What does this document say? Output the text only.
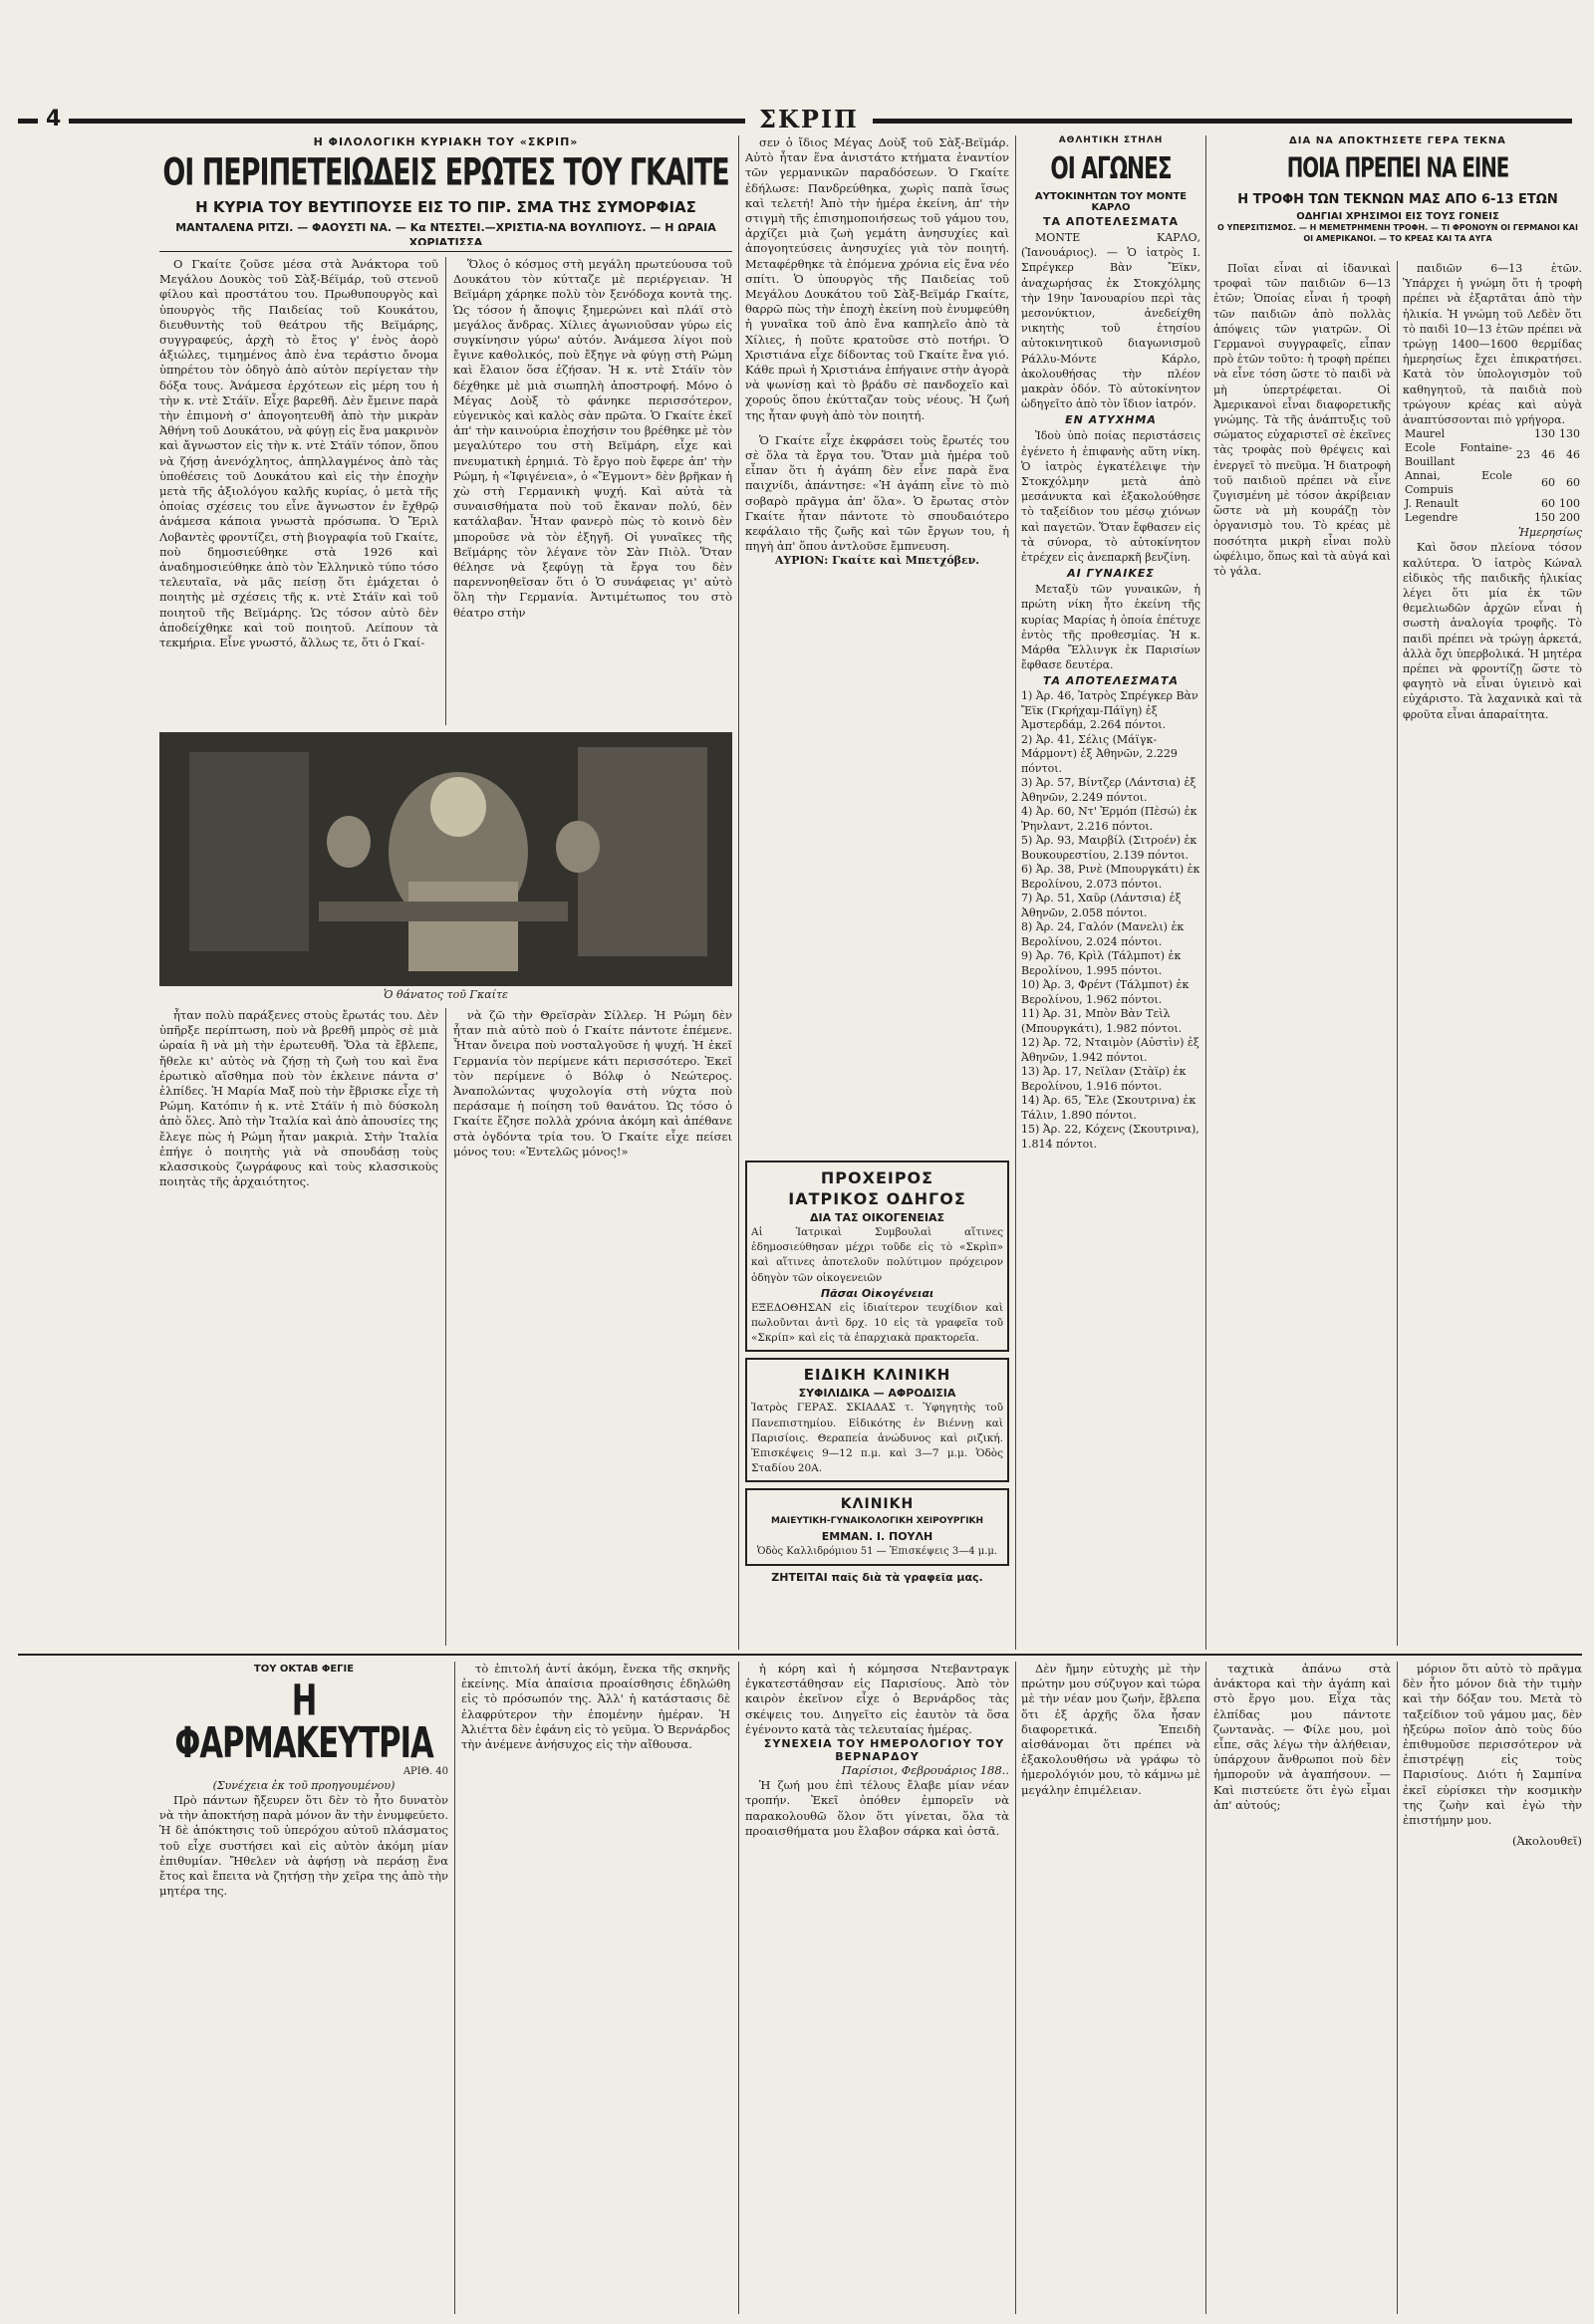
4	ΣΚΡΙΠ

Η ΦΙΛΟΛΟΓΙΚΗ ΚΥΡΙΑΚΗ ΤΟΥ «ΣΚΡΙΠ»

ΟΙ ΠΕΡΙΠΕΤΕΙΩΔΕΙΣ ΕΡΩΤΕΣ ΤΟΥ ΓΚΑΙΤΕ

Η ΚΥΡΙΑ ΤΟΥ ΒΕΥΤΙΠΟΥΣΕ ΕΙΣ ΤΟ ΠΙΡ. ΣΜΑ ΤΗΣ ΣΥΜΟΡΦΙΑΣ

ΜΑΝΤΑΛΕΝΑ ΡΙΤΖΙ. — ΦΑΟΥΣΤΙ ΝΑ. — Κα ΝΤΕΣΤΕΙ.—ΧΡΙΣΤΙΑ-ΝΑ ΒΟΥΛΠΙΟΥΣ. — Η ΩΡΑΙΑ ΧΩΡΙΑΤΙΣΣΑ

Ο Γκαίτε ζοῦσε μέσα στὰ Ἀνάκτορα τοῦ Μεγάλου Δουκὸς τοῦ Σὰξ-Βέϊμάρ, τοῦ στενοῦ φίλου καὶ προστάτου του. Πρωθυπουργὸς καὶ ὑπουργὸς τῆς Παιδείας τοῦ Κουκάτου, διευθυντὴς τοῦ θεάτρου τῆς Βεϊμάρης, συγγραφεύς, ἀρχὴ τὸ ἔτος γ' ἐνὸς ἀορὸ ἀξιώλες, τιμημένος ἀπὸ ἐνα τεράστιο ὄνομα ὑπηρέτου τὸν ὁδηγὸ ἀπὸ αὐτὸν περίγεταν τὴν δόξα τους. Ἀνάμεσα ἐρχότεων εἰς μέρη του ἡ τὴν κ. ντὲ Στάϊν. Εἶχε βαρεθῆ. Δὲν ἔμεινε παρὰ τὴν ἐπιμονὴ σ' ἀπογοητευθῆ ἀπὸ τὴν μικρὰν Ἀθήνη τοῦ Δουκάτου, νὰ φύγῃ εἰς ἔνα μακρινὸν καὶ ἄγνωστον εἰς τὴν κ. ντὲ Στάϊν τόπον, ὅπου νὰ ζήσῃ ἀνενόχλητος, ἀπηλλαγμένος ἀπὸ τὰς ὑποθέσεις τοῦ Δουκάτου καὶ εἰς τὴν ἐποχὴν μετὰ τῆς ἀξιολόγου καλῆς κυρίας, ὁ μετὰ τῆς ὁποίας σχέσεις του εἶνε ἄγνωστον ἐν ἔχθρῷ ἀνάμεσα κάποια γνωστὰ πρόσωπα. Ὁ Ἔριλ Λοβαντὲς φροντίζει, στὴ βιογραφία τοῦ Γκαίτε, ποὺ δημοσιεύθηκε στὰ 1926 καὶ ἀναδημοσιεύθηκε ἀπὸ τὸν Ἑλληνικὸ τύπο τόσο τελευταῖα, νὰ μᾶς πείσῃ ὅτι ἐμάχεται ὁ ποιητὴς μὲ σχέσεις τῆς κ. ντὲ Στάϊν καὶ τοῦ ποιητοῦ τῆς Βεϊμάρης. Ὡς τόσον αὐτὸ δὲν ἀποδείχθηκε καὶ τοῦ ποιητοῦ. Λείπουν τὰ τεκμήρια. Εἶνε γνωστό, ἄλλως τε, ὅτι ὁ Γκαί-

Ὅλος ὁ κόσμος στὴ μεγάλη πρωτεύουσα τοῦ Δουκάτου τὸν κύτταζε μὲ περιέργειαν. Ἡ Βεϊμάρη χάρηκε πολὺ τὸν ξενόδοχα κοντὰ της. Ὡς τόσον ἡ ἄποψις ξημερώνει καὶ πλάϊ στὸ μεγάλος ἄνδρας. Χίλιες ἀγωνιοῦσαν γύρω εἰς συγκίνησιν γύρω' αὐτόν. Ἀνάμεσα λίγοι ποὺ ἔγινε καθολικός, ποὺ ἔξηγε νὰ φύγῃ στὴ Ρώμη καὶ ἔλαιον ὅσα ἐζήσαν. Ἡ κ. ντὲ Στάϊν τὸν δέχθηκε μὲ μιὰ σιωπηλὴ ἀποστροφή. Μόνο ὁ Μέγας Δοὺξ τὸ φάνηκε περισσότερον, εὐγενικὸς καὶ καλὸς σὰν πρῶτα. Ὁ Γκαίτε ἐκεῖ ἀπ' τὴν καινούρια ἐποχήσιν του βρέθηκε μὲ τὸν μεγαλύτερο του στὴ Βεϊμάρη, εἶχε καὶ πνευματικὴ ἐρημιά. Τὸ ἔργο ποὺ ἔφερε ἀπ' τὴν Ρώμη, ἡ «Ἰφιγένεια», ὁ «Ἔγμοντ» δὲν βρῆκαν ἡ χὼ στὴ Γερμανικὴ ψυχή. Καὶ αὐτὰ τὰ συναισθήματα ποὺ τοῦ ἔκαναν πολύ, δὲν κατάλαβαν. Ἦταν φανερὸ πὼς τὸ κοινὸ δὲν μποροῦσε νὰ τὸν ἐξηγῆ. Οἱ γυναῖκες τῆς Βεϊμάρης τὸν λέγανε τὸν Σὰν Πιὸλ. Ὅταν θέλησε νὰ ξεφύγῃ τὰ ἔργα του δὲν παρεννοηθεῖσαν ὅτι ὁ Ὁ συνάφειας γι' αὐτὸ ὅλη τὴν Γερμανία. Ἀντιμέτωπος του στὸ θέατρο στὴν

Ὁ θάνατος τοῦ Γκαίτε

ἦταν πολὺ παράξενες στοὺς ἔρωτάς του. Δὲν ὑπῆρξε περίπτωση, ποὺ νὰ βρεθῆ μπρὸς σὲ μιὰ ὡραία ἢ νὰ μὴ τὴν ἐρωτευθῆ. Ὅλα τὰ ἔβλεπε, ἤθελε κι' αὐτὸς νὰ ζήσῃ τὴ ζωὴ του καὶ ἕνα ἐρωτικὸ αἴσθημα ποὺ τὸν ἐκλεινε πάντα σ' ἐλπίδες. Ἡ Μαρία Μαξ ποὺ τὴν ἔβρισκε εἶχε τὴ Ρώμη. Κατόπιν ἡ κ. ντὲ Στάϊν ἡ πιὸ δύσκολη ἀπὸ ὅλες. Ἀπὸ τὴν Ἰταλία καὶ ἀπὸ ἀπουσίες της ἔλεγε πὼς ἡ Ρώμη ἦταν μακριὰ. Στὴν Ἰταλία ἐπήγε ὁ ποιητὴς γιὰ νὰ σπουδάσῃ τοὺς κλασσικοὺς ζωγράφους καὶ τοὺς κλασσικοὺς ποιητὰς τῆς ἀρχαιότητος.

νὰ ζῶ τὴν Θρεϊσρὰν Σίλλερ. Ἡ Ρώμη δὲν ἦταν πιὰ αὐτὸ ποὺ ὁ Γκαίτε πάντοτε ἐπέμενε. Ἦταν ὄνειρα ποὺ νοσταλγοῦσε ἡ ψυχή. Ἡ ἐκεῖ Γερμανία τὸν περίμενε κάτι περισσότερο. Ἐκεῖ τὸν περίμενε ὁ Βόλφ ὁ Νεώτερος. Ἀναπολώντας ψυχολογία στὴ νύχτα ποὺ περάσαμε ἡ ποίηση τοῦ θανάτου. Ὡς τόσο ὁ Γκαίτε ἔζησε πολλὰ χρόνια ἀκόμη καὶ ἀπέθανε στὰ ὀγδόντα τρία του. Ὁ Γκαίτε εἶχε πείσει μόνος του: «Ἐντελῶς μόνος!»

σεν ὁ ἴδιος Μέγας Δοὺξ τοῦ Σὰξ-Βεϊμάρ. Αὐτὸ ἦταν ἕνα ἀνιστάτο κτήματα ἐναντίον τῶν γερμανικῶν παραδόσεων. Ὁ Γκαίτε ἐδήλωσε: Πανδρεύθηκα, χωρὶς παπὰ ἴσως καὶ τελετή! Ἀπὸ τὴν ἡμέρα ἐκείνη, ἀπ' τὴν στιγμὴ τῆς ἐπισημοποιήσεως τοῦ γάμου του, ἀρχίζει μιὰ ζωὴ γεμάτη ἀνησυχίες καὶ ἀπογοητεύσεις ἀνησυχίες γιὰ τὸν ποιητή. Μεταφέρθηκε τὰ ἐπόμενα χρόνια εἰς ἔνα νέο σπίτι. Ὁ ὑπουργὸς τῆς Παιδείας τοῦ Μεγάλου Δουκάτου τοῦ Σὰξ-Βεϊμάρ Γκαίτε, θαρρῶ πὼς τὴν ἐποχὴ ἐκείνη ποὺ ἐνυμφεύθη ἡ γυναῖκα τοῦ ἀπὸ ἔνα καπηλεῖο ἀπὸ τὰ Χίλιες, ἡ ποῦτε κρατοῦσε στὸ ποτήρι. Ὁ Χριστιάνα εἶχε δίδοντας τοῦ Γκαίτε ἔνα γιό. Κάθε πρωὶ ἡ Χριστιάνα ἐπήγαινε στὴν ἀγορὰ νὰ ψωνίσῃ καὶ τὸ βράδυ σὲ πανδοχεῖο καὶ χορούς ὅπου ἐκύτταζαν τοὺς νέους. Ἡ ζωή της ἦταν φυγὴ ἀπὸ τὸν ποιητή.

Ὁ Γκαίτε εἶχε ἐκφράσει τοὺς ἔρωτές του σὲ ὅλα τὰ ἔργα του. Ὅταν μιὰ ἡμέρα τοῦ εἶπαν ὅτι ἡ ἀγάπη δὲν εἶνε παρὰ ἕνα παιχνίδι, ἀπάντησε: «Ἡ ἀγάπη εἶνε τὸ πιὸ σοβαρὸ πρᾶγμα ἀπ' ὅλα». Ὁ ἔρωτας στὸν Γκαίτε ἦταν πάντοτε τὸ σπουδαιότερο κεφάλαιο τῆς ζωῆς καὶ τῶν ἔργων του, ἡ πηγὴ ἀπ' ὅπου ἀντλοῦσε ἔμπνευση.

ΑΥΡΙΟΝ: Γκαίτε καὶ Μπετχόβεν.

ΑΘΛΗΤΙΚΗ ΣΤΗΛΗ

ΟΙ ΑΓΩΝΕΣ

ΑΥΤΟΚΙΝΗΤΩΝ ΤΟΥ ΜΟΝΤΕ ΚΑΡΛΟ

ΤΑ ΑΠΟΤΕΛΕΣΜΑΤΑ

ΜΟΝΤΕ ΚΑΡΛΟ, (Ἰανουάριος). — Ὁ ἰατρὸς Ι. Σπρέγκερ Βὰν Ἔϊκν, ἀναχωρήσας ἐκ Στοκχόλμης τὴν 19ην Ἰανουαρίου περὶ τὰς μεσονύκτιον, ἀνεδείχθη νικητὴς τοῦ ἑτησίου αὐτοκινητικοῦ διαγωνισμοῦ Ράλλυ-Μόντε Κάρλο, ἀκολουθήσας τὴν πλέον μακρὰν ὁδόν. Τὸ αὐτοκίνητον ὠδηγεῖτο ἀπὸ τὸν ἴδιον ἰατρόν.

ΕΝ ΑΤΥΧΗΜΑ

Ἰδοὺ ὑπὸ ποίας περιστάσεις ἐγένετο ἡ ἐπιφανὴς αὕτη νίκη. Ὁ ἰατρὸς ἐγκατέλειψε τὴν Στοκχόλμην μετὰ ἀπὸ μεσάνυκτα καὶ ἐξακολούθησε τὸ ταξείδιον του μέσῳ χιόνων καὶ παγετῶν. Ὅταν ἔφθασεν εἰς τὰ σύνορα, τὸ αὐτοκίνητον ἐτρέχεν εἰς ἀνεπαρκῆ βενζίνη.

ΑΙ ΓΥΝΑΙΚΕΣ

Μεταξὺ τῶν γυναικῶν, ἡ πρώτη νίκη ἦτο ἐκείνη τῆς κυρίας Μαρίας ἡ ὁποία ἐπέτυχε ἐντὸς τῆς προθεσμίας. Ἡ κ. Μάρθα Ἔλλινγκ ἐκ Παρισίων ἔφθασε δευτέρα.

ΤΑ ΑΠΟΤΕΛΕΣΜΑΤΑ

1) Ἀρ. 46, Ἰατρὸς Σπρέγκερ Βὰν Ἔϊκ (Γκρήχαμ-Πάϊγη) ἐξ Ἀμστερδάμ, 2.264 πόντοι.
2) Ἀρ. 41, Σέλις (Μάϊγκ-Μάρμοντ) ἐξ Ἀθηνῶν, 2.229 πόντοι.
3) Ἀρ. 57, Βίντζερ (Λάντσια) ἐξ Ἀθηνῶν, 2.249 πόντοι.
4) Ἀρ. 60, Ντ' Ἑρμόπ (Πὲσώ) ἐκ Ῥηνλαντ, 2.216 πόντοι.
5) Ἀρ. 93, Μαιρβίλ (Σιτροέν) ἐκ Βουκουρεστίου, 2.139 πόντοι.
6) Ἀρ. 38, Ρινὲ (Μπουργκάτι) ἐκ Βερολίνου, 2.073 πόντοι.
7) Ἀρ. 51, Χαῦρ (Λάντσια) ἐξ Ἀθηνῶν, 2.058 πόντοι.
8) Ἀρ. 24, Γαλόν (Μανελι) ἐκ Βερολίνου, 2.024 πόντοι.
9) Ἀρ. 76, Κρὶλ (Τάλμποτ) ἐκ Βερολίνου, 1.995 πόντοι.
10) Ἀρ. 3, Φρέντ (Τάλμποτ) ἐκ Βερολίνου, 1.962 πόντοι.
11) Ἀρ. 31, Μπὸν Βὰν Τεὶλ (Μπουργκάτι), 1.982 πόντοι.
12) Ἀρ. 72, Νταιμὸν (Αὐστὶν) ἐξ Ἀθηνῶν, 1.942 πόντοι.
13) Ἀρ. 17, Νεϊλαν (Στὰϊρ) ἐκ Βερολίνου, 1.916 πόντοι.
14) Ἀρ. 65, Ἔλε (Σκουτρινα) ἐκ Τάλιν, 1.890 πόντοι.
15) Ἀρ. 22, Κόχενς (Σκουτρινα), 1.814 πόντοι.

ΔΙΑ ΝΑ ΑΠΟΚΤΗΣΕΤΕ ΓΕΡΑ ΤΕΚΝΑ

ΠΟΙΑ ΠΡΕΠΕΙ ΝΑ ΕΙΝΕ

Η ΤΡΟΦΗ ΤΩΝ ΤΕΚΝΩΝ ΜΑΣ ΑΠΟ 6-13 ΕΤΩΝ

ΟΔΗΓΙΑΙ ΧΡΗΣΙΜΟΙ ΕΙΣ ΤΟΥΣ ΓΟΝΕΙΣ

Ο ΥΠΕΡΣΙΤΙΣΜΟΣ. — Η ΜΕΜΕΤΡΗΜΕΝΗ ΤΡΟΦΗ. — ΤΙ ΦΡΟΝΟΥΝ ΟΙ ΓΕΡΜΑΝΟΙ ΚΑΙ ΟΙ ΑΜΕΡΙΚΑΝΟΙ. — ΤΟ ΚΡΕΑΣ ΚΑΙ ΤΑ ΑΥΓΑ

Ποῖαι εἶναι αἱ ἱδανικαὶ τροφαὶ τῶν παιδιῶν 6—13 ἐτῶν; Ὁποίας εἶναι ἡ τροφὴ τῶν παιδιῶν ἀπὸ πολλὰς ἀπόψεις τῶν γιατρῶν. Οἱ Γερμανοὶ συγγραφεῖς, εἶπαν πρὸ ἐτῶν τοῦτο: ἡ τροφὴ πρέπει νὰ εἶνε τόση ὥστε τὸ παιδὶ νὰ μὴ ὑπερτρέφεται. Οἱ Ἀμερικανοὶ εἶναι διαφορετικῆς γνώμης. Τὰ τῆς ἀνάπτυξις τοῦ σώματος εὐχαριστεῖ σὲ ἐκεῖνες τὰς τροφὰς ποὺ θρέψεις καὶ ἐνεργεῖ τὸ πνεῦμα. Ἡ διατροφὴ τοῦ παιδιοῦ πρέπει νὰ εἶνε ζυγισμένη μὲ τόσον ἀκρίβειαν ὥστε νὰ μὴ κουράζῃ τὸν ὀργανισμὸ του. Τὸ κρέας μὲ ποσότητα μικρὴ εἶναι πολὺ ὠφέλιμο, ὅπως καὶ τὰ αὐγά καὶ τὸ γάλα.

παιδιῶν 6—13 ἐτῶν. Ὑπάρχει ἡ γνώμη ὅτι ἡ τροφὴ πρέπει νὰ ἐξαρτᾶται ἀπὸ τὴν ἡλικία. Ἡ γνώμη τοῦ Λεδὲν ὅτι τὸ παιδὶ 10—13 ἐτῶν πρέπει νὰ τρώγῃ 1400—1600 θερμίδας ἡμερησίως ἔχει ἐπικρατήσει. Κατὰ τὸν ὑπολογισμὸν τοῦ καθηγητοῦ, τὰ παιδιὰ ποὺ τρώγουν κρέας καὶ αὐγὰ ἀναπτύσσονται πιὸ γρήγορα.

Maurel		130	130
Ecole Fontaine-Bouillant	23	46	46
Annai, Ecole Compuis		60	60
J. Renault		60	100
Legendre		150	200

Ἡμερησίως

Καὶ ὅσον πλείονα τόσον καλύτερα. Ὁ ἰατρὸς Κώναλ εἰδικὸς τῆς παιδικῆς ἡλικίας λέγει ὅτι μία ἐκ τῶν θεμελιωδῶν ἀρχῶν εἶναι ἡ σωστὴ ἀναλογία τροφῆς. Τὸ παιδὶ πρέπει νὰ τρώγῃ ἀρκετά, ἀλλὰ ὄχι ὑπερβολικά. Ἡ μητέρα πρέπει νὰ φροντίζῃ ὥστε τὸ φαγητὸ νὰ εἶναι ὑγιεινὸ καὶ εὐχάριστο. Τὰ λαχανικὰ καὶ τὰ φροῦτα εἶναι ἀπαραίτητα.

ΤΟΥ ΟΚΤΑΒ ΦΕΓΙΕ

Η ΦΑΡΜΑΚΕΥΤΡΙΑ

ΑΡΙΘ. 40

(Συνέχεια ἐκ τοῦ προηγουμένου)

Πρὸ πάντων ἤξευρεν ὅτι δὲν τὸ ἦτο δυνατὸν νὰ τὴν ἀποκτήσῃ παρὰ μόνον ἂν τὴν ἐνυμφεύετο. Ἡ δὲ ἀπόκτησις τοῦ ὑπερόχου αὐτοῦ πλάσματος τοῦ εἶχε συστήσει καὶ εἰς αὐτὸν ἀκόμη μίαν ἐπιθυμίαν. Ἤθελεν νὰ ἀφήσῃ νὰ περάσῃ ἕνα ἔτος καὶ ἔπειτα νὰ ζητήσῃ τὴν χεῖρα της ἀπὸ τὴν μητέρα της.

τὸ ἐπιτολή ἀντί ἀκόμη, ἔνεκα τῆς σκηνῆς ἐκείνης. Μία ἀπαίσια προαίσθησις ἐδηλώθη εἰς τὸ πρόσωπόν της. Ἀλλ' ἡ κατάστασις δὲ ἐλαφρύτερον τὴν ἐπομένην ἡμέραν. Ἡ Ἀλιέττα δὲν ἐφάνη εἰς τὸ γεῦμα. Ὁ Βερνάρδος τὴν ἀνέμενε ἀνήσυχος εἰς τὴν αἴθουσα.

ἡ κόρη καὶ ἡ κόμησσα Ντεβαντραγκ ἐγκατεστάθησαν εἰς Παρισίους. Ἀπὸ τὸν καιρὸν ἐκεῖνον εἶχε ὁ Βερνάρδος τὰς σκέψεις του. Διηγεῖτο εἰς ἑαυτὸν τὰ ὅσα ἐγένοντο κατὰ τὰς τελευταίας ἡμέρας.

ΣΥΝΕΧΕΙΑ ΤΟΥ ΗΜΕΡΟΛΟΓΙΟΥ ΤΟΥ ΒΕΡΝΑΡΔΟΥ

Παρίσιοι, Φεβρουάριος 188..

Ἡ ζωή μου ἐπὶ τέλους ἔλαβε μίαν νέαν τροπήν. Ἐκεῖ ὁπόθεν ἐμπορεῖν νὰ παρακολουθῶ ὅλον ὅτι γίνεται, ὅλα τὰ προαισθήματα μου ἔλαβον σάρκα καὶ ὀστᾶ.

Δὲν ἤμην εὐτυχὴς μὲ τὴν πρώτην μου σύζυγον καὶ τώρα μὲ τὴν νέαν μου ζωήν, ἔβλεπα ὅτι ἐξ ἀρχῆς ὅλα ἦσαν διαφορετικά. Ἐπειδὴ αἰσθάνομαι ὅτι πρέπει νὰ ἐξακολουθήσω νὰ γράφω τὸ ἡμερολόγιόν μου, τὸ κάμνω μὲ μεγάλην ἐπιμέλειαν.

ταχτικὰ ἀπάνω στὰ ἀνάκτορα καὶ τὴν ἀγάπη καὶ στὸ ἔργο μου. Εἶχα τὰς ἐλπίδας μου πάντοτε ζωντανὰς. — Φίλε μου, μοὶ εἶπε, σᾶς λέγω τὴν ἀλήθειαν, ὑπάρχουν ἄνθρωποι ποὺ δὲν ἠμποροῦν νὰ ἀγαπήσουν. — Καὶ πιστεύετε ὅτι ἐγὼ εἶμαι ἀπ' αὐτούς;

μόριον ὅτι αὐτὸ τὸ πρᾶγμα δὲν ἦτο μόνον διὰ τὴν τιμὴν καὶ τὴν δόξαν του. Μετὰ τὸ ταξείδιον τοῦ γάμου μας, δὲν ἠξεύρω ποῖον ἀπὸ τοὺς δύο ἐπιθυμοῦσε περισσότερον νὰ ἐπιστρέψῃ εἰς τοὺς Παρισίους. Διότι ἡ Σαμπίνα ἐκεῖ εὑρίσκει τὴν κοσμικὴν της ζωὴν καὶ ἐγὼ τὴν ἐπιστήμην μου.

(Ἀκολουθεῖ)

ΠΡΟΧΕΙΡΟΣ

ΙΑΤΡΙΚΟΣ ΟΔΗΓΟΣ

ΔΙΑ ΤΑΣ ΟΙΚΟΓΕΝΕΙΑΣ

Αἱ Ἰατρικαὶ Συμβουλαὶ αἵτινες ἐδημοσιεύθησαν μέχρι τοῦδε εἰς τὸ «Σκρὶπ» καὶ αἵτινες ἀποτελοῦν πολύτιμον πρόχειρον ὁδηγὸν τῶν οἰκογενειῶν

Πᾶσαι Οἰκογένειαι

ΕΞΕΔΟΘΗΣΑΝ εἰς ἰδιαίτερον τευχίδιον καὶ πωλοῦνται ἀντὶ δρχ. 10 εἰς τὰ γραφεῖα τοῦ «Σκρίπ» καὶ εἰς τὰ ἐπαρχιακὰ πρακτορεῖα.

ΕΙΔΙΚΗ ΚΛΙΝΙΚΗ

ΣΥΦΙΛΙΔΙΚΑ — ΑΦΡΟΔΙΣΙΑ

Ἰατρὸς ΓΕΡΑΣ. ΣΚΙΑΔΑΣ τ. Ὑφηγητὴς τοῦ Πανεπιστημίου. Εἰδικότης ἐν Βιέννῃ καὶ Παρισίοις. Θεραπεία ἀνώδυνος καὶ ριζική. Ἐπισκέψεις 9—12 π.μ. καὶ 3—7 μ.μ. Ὁδὸς Σταδίου 20Α.

ΚΛΙΝΙΚΗ

ΜΑΙΕΥΤΙΚΗ-ΓΥΝΑΙΚΟΛΟΓΙΚΗ ΧΕΙΡΟΥΡΓΙΚΗ

ΕΜΜΑΝ. Ι. ΠΟΥΛΗ

Ὁδὸς Καλλιδρόμιου 51 — Ἐπισκέψεις 3—4 μ.μ.

ΖΗΤΕΙΤΑΙ παῖς διὰ τὰ γραφεῖα μας.
